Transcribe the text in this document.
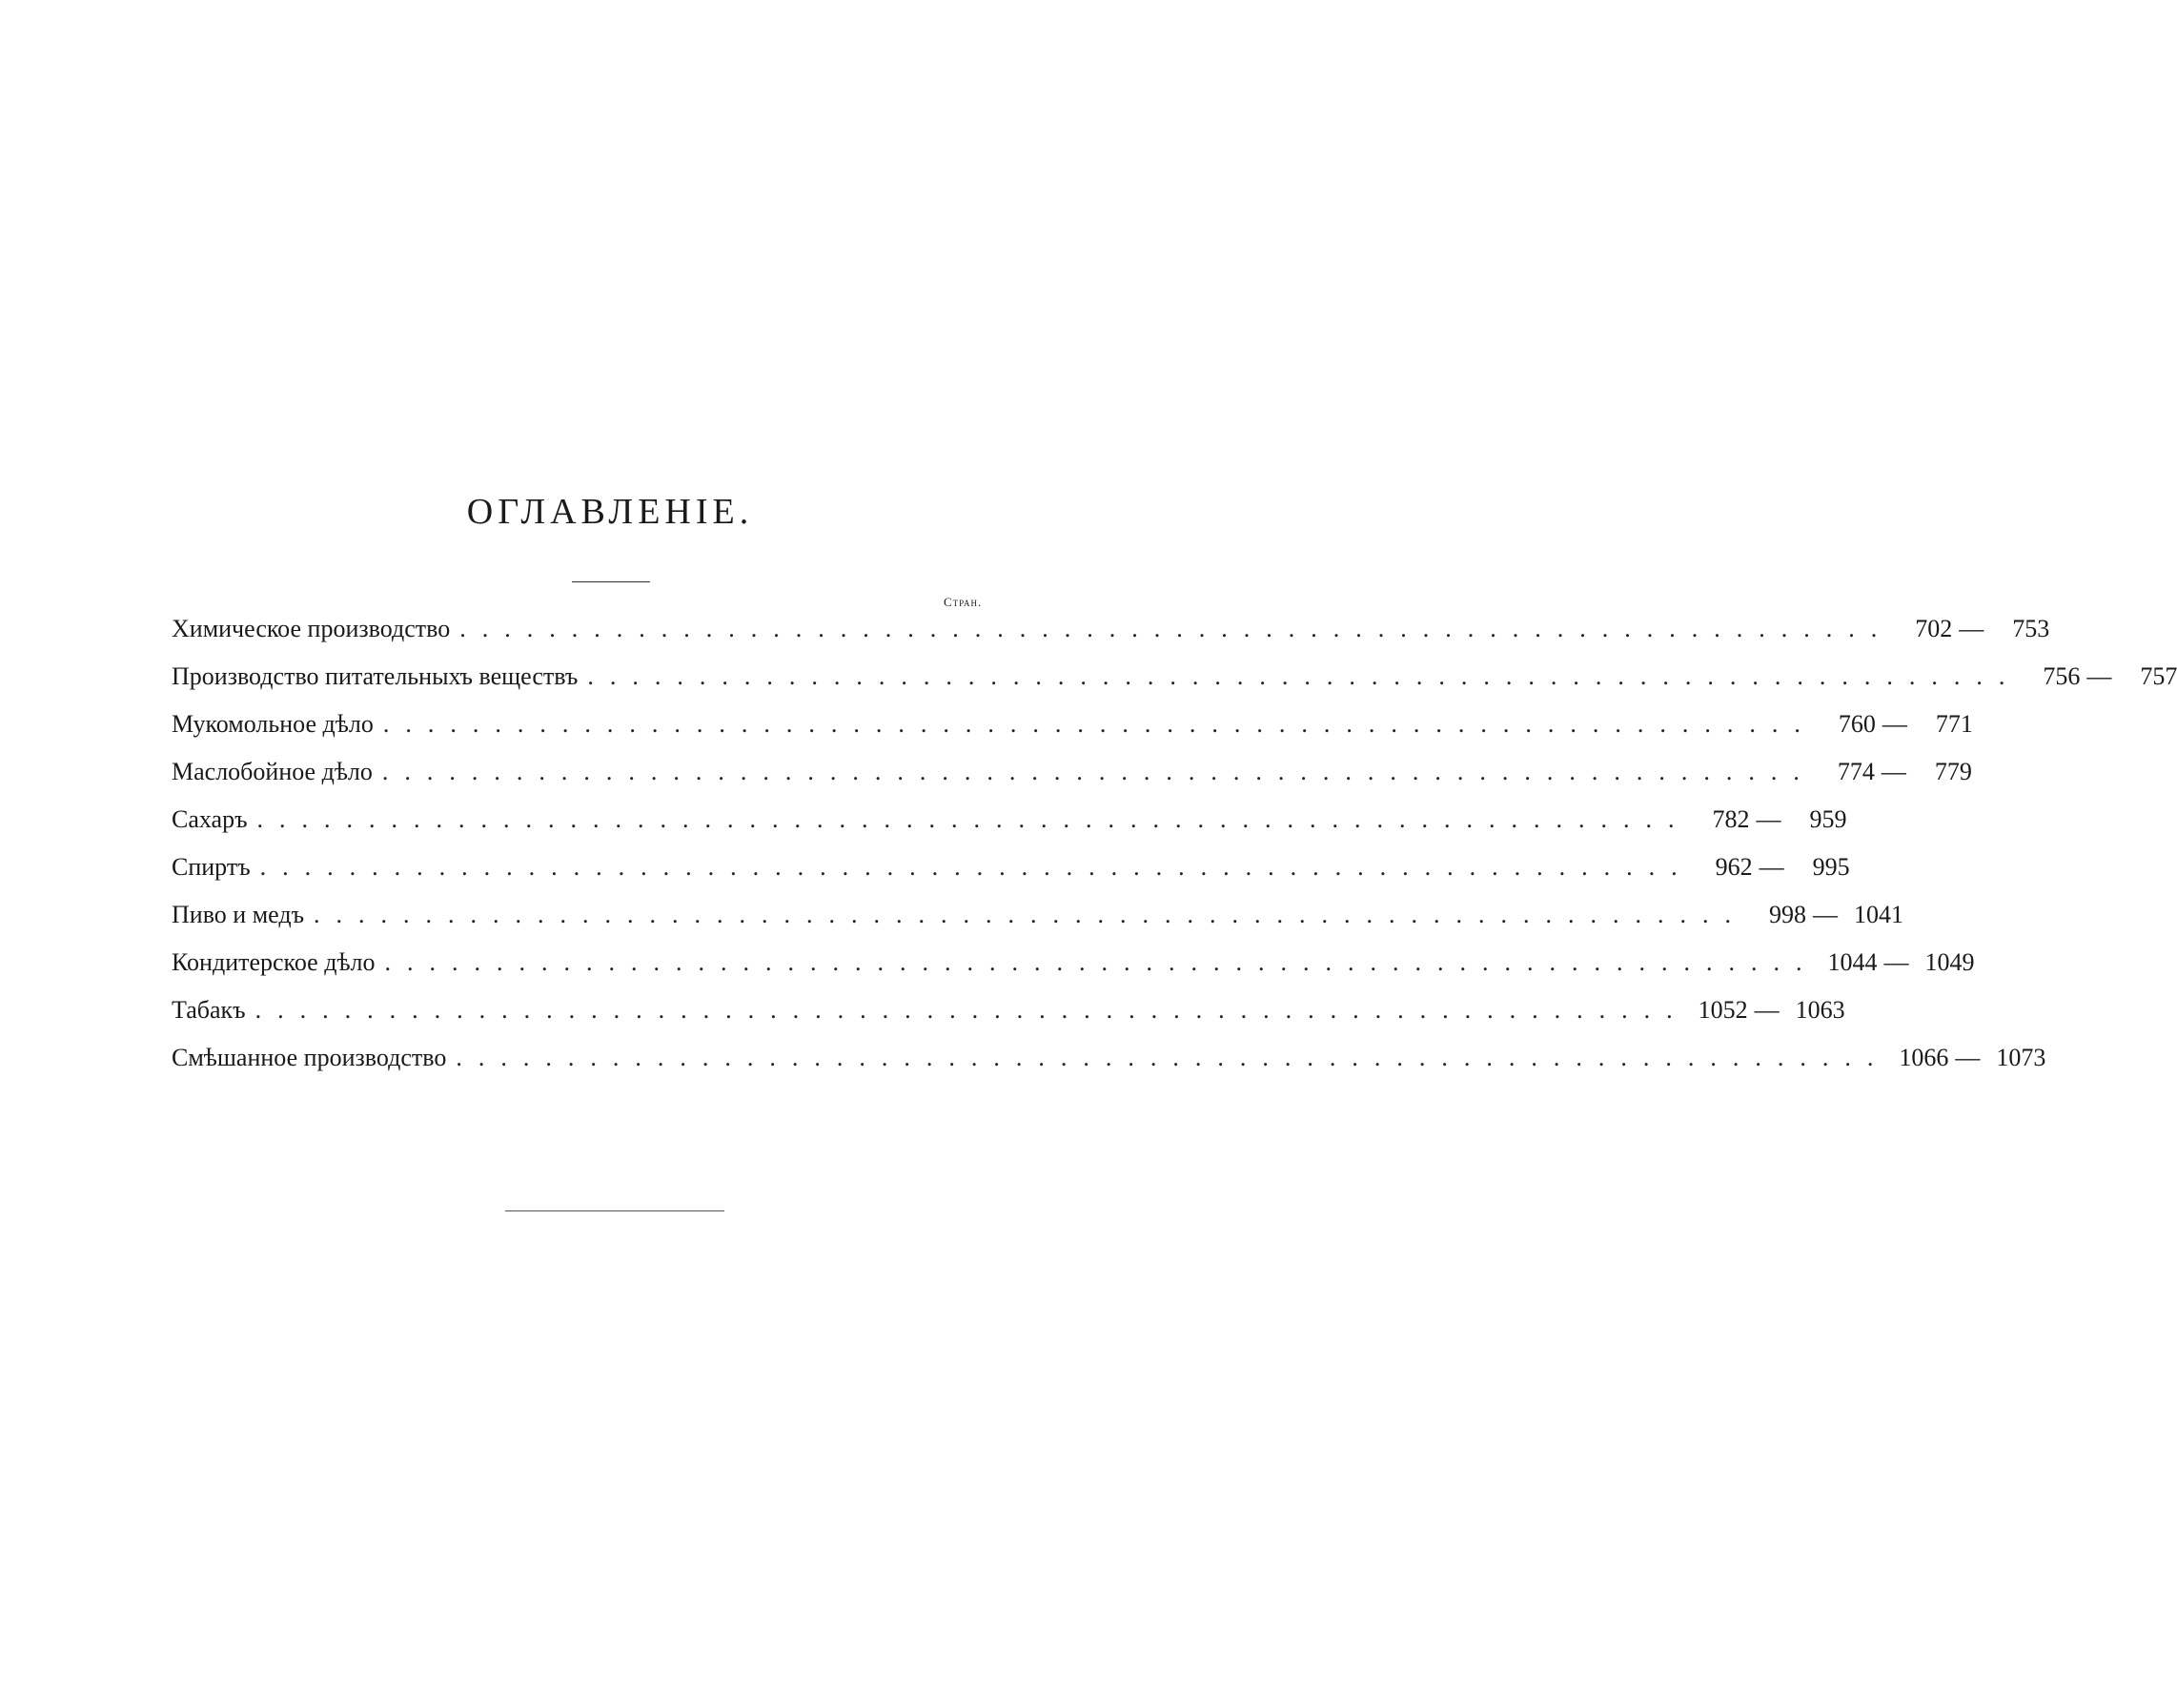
ОГЛАВЛЕНІЕ.
Стран.
Химическое производство ................................................................ 702 —	753
Производство питательныхъ веществъ ................................................................ 756 —	757
Мукомольное дѣло ................................................................ 760 —	771
Маслобойное дѣло ................................................................ 774 —	779
Сахаръ ................................................................ 782 —	959
Спиртъ ................................................................ 962 —	995
Пиво и медъ ................................................................ 998 — 1041
Кондитерское дѣло ................................................................ 1044 — 1049
Табакъ ................................................................ 1052 — 1063
Смѣшанное производство ................................................................ 1066 — 1073
